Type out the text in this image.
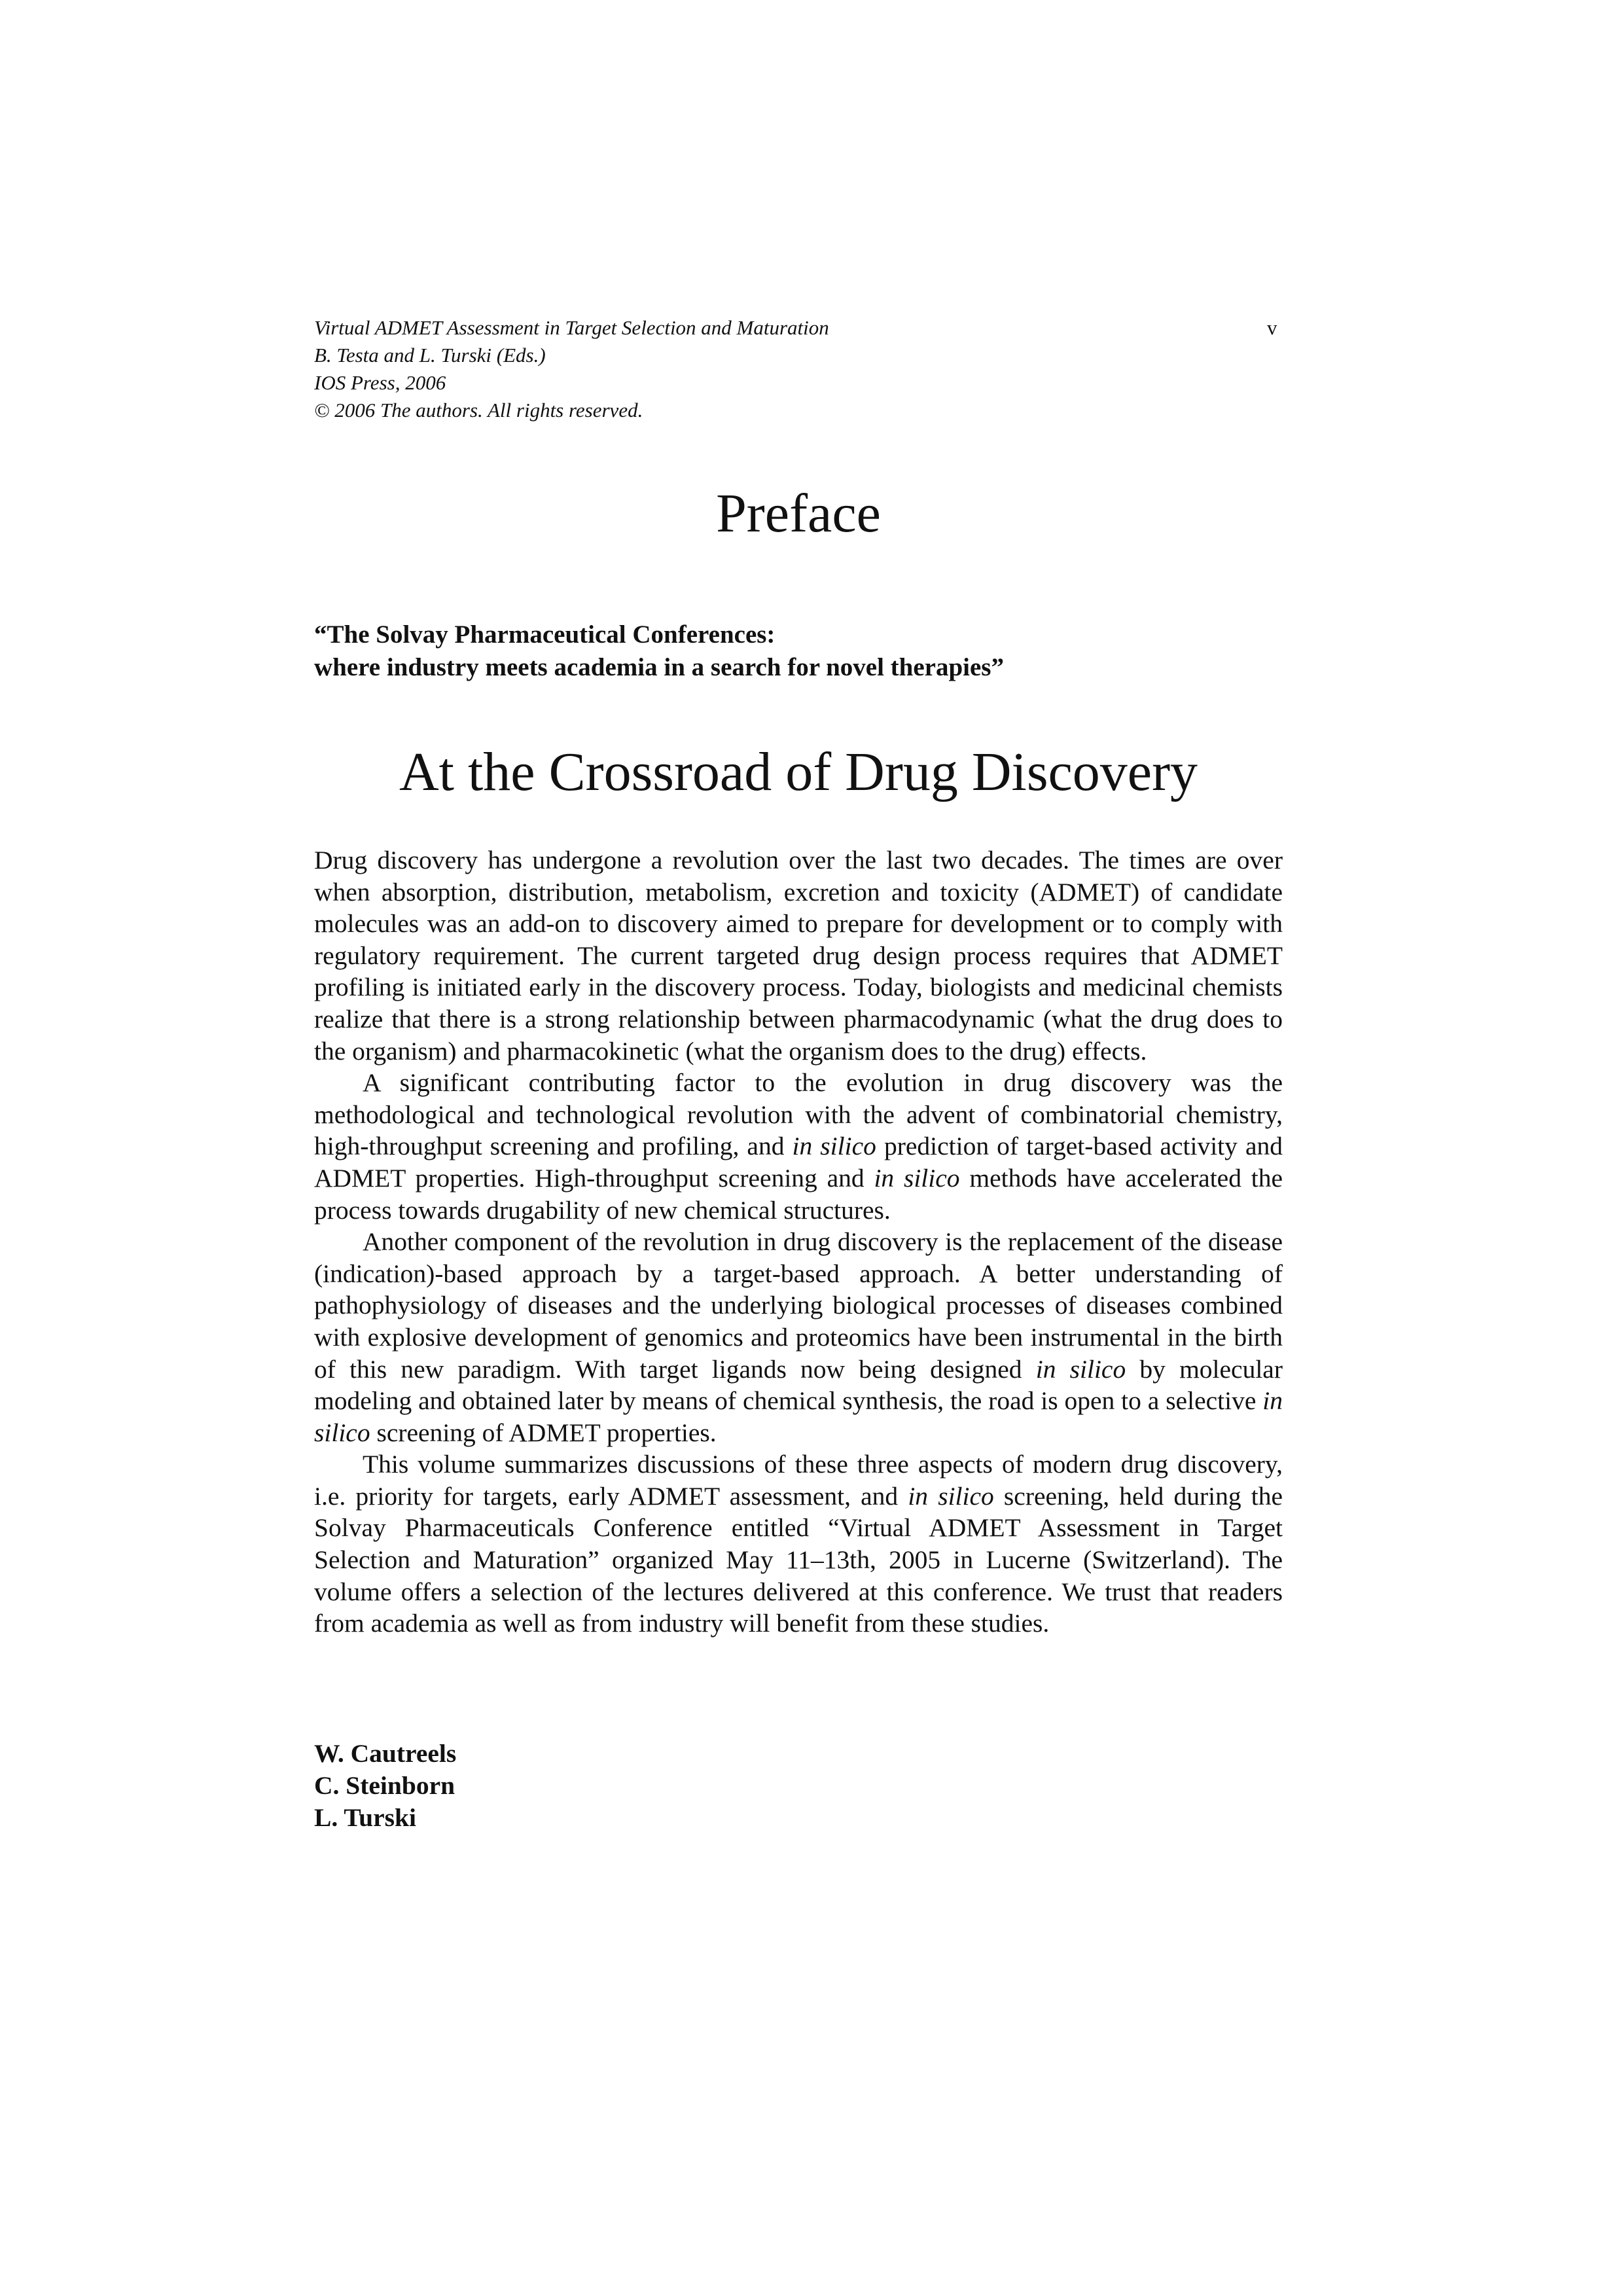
Virtual ADMET Assessment in Target Selection and Maturation
B. Testa and L. Turski (Eds.)
IOS Press, 2006
© 2006 The authors. All rights reserved.
v
Preface
“The Solvay Pharmaceutical Conferences:
where industry meets academia in a search for novel therapies”
At the Crossroad of Drug Discovery

Drug discovery has undergone a revolution over the last two decades. The times are over when absorption, distribution, metabolism, excretion and toxicity (ADMET) of candidate molecules was an add-on to discovery aimed to prepare for development or to comply with regulatory requirement. The current targeted drug design process requires that ADMET profiling is initiated early in the discovery process. Today, biologists and medicinal chemists realize that there is a strong relationship between pharmacodynamic (what the drug does to the organism) and pharmacokinetic (what the organism does to the drug) effects.

A significant contributing factor to the evolution in drug discovery was the methodological and technological revolution with the advent of combinatorial chemistry, high-throughput screening and profiling, and in silico prediction of target-based activity and ADMET properties. High-throughput screening and in silico methods have accelerated the process towards drugability of new chemical structures.

Another component of the revolution in drug discovery is the replacement of the disease (indication)-based approach by a target-based approach. A better understanding of pathophysiology of diseases and the underlying biological processes of diseases combined with explosive development of genomics and proteomics have been instrumental in the birth of this new paradigm. With target ligands now being designed in silico by molecular modeling and obtained later by means of chemical synthesis, the road is open to a selective in silico screening of ADMET properties.

This volume summarizes discussions of these three aspects of modern drug discovery, i.e. priority for targets, early ADMET assessment, and in silico screening, held during the Solvay Pharmaceuticals Conference entitled “Virtual ADMET Assessment in Target Selection and Maturation” organized May 11–13th, 2005 in Lucerne (Switzerland). The volume offers a selection of the lectures delivered at this conference. We trust that readers from academia as well as from industry will benefit from these studies.

W. Cautreels
C. Steinborn
L. Turski
